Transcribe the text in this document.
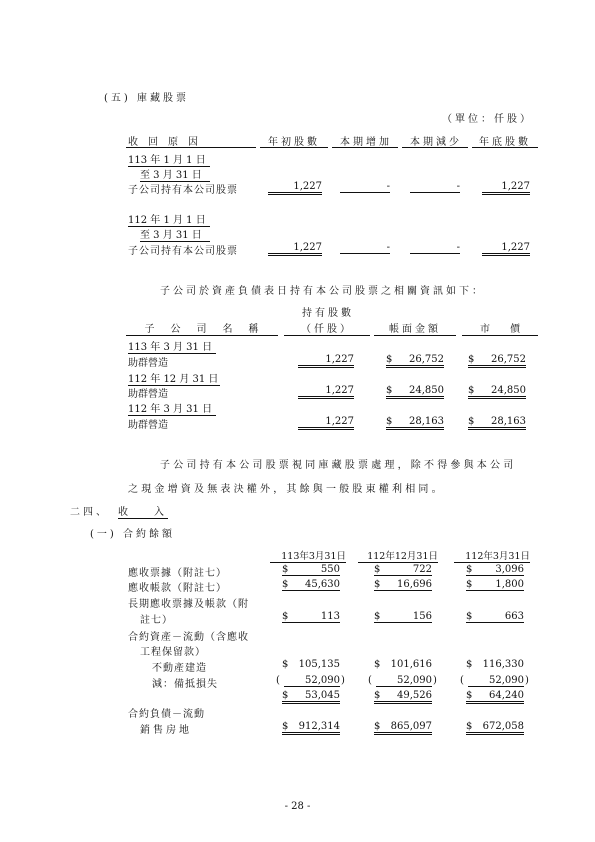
(五) 庫藏股票
（單位：仟股）
收　回　原　因	年初股數	本期增加	本期減少	年底股數
113 年 1 月 1 日
至 3 月 31 日
子公司持有本公司股票	1,227	-	-	1,227
112 年 1 月 1 日
至 3 月 31 日
子公司持有本公司股票	1,227	-	-	1,227
子公司於資產負債表日持有本公司股票之相關資訊如下：
持有股數
子　公　司　名　稱	（仟股）	帳面金額	市　　價
113 年 3 月 31 日
助群營造	1,227	$ 26,752 $ 26,752
112 年 12 月 31 日
助群營造	1,227	$ 24,850 $ 24,850
112 年 3 月 31 日
助群營造	1,227	$ 28,163 $ 28,163
子公司持有本公司股票視同庫藏股票處理，除不得參與本公司
之現金增資及無表決權外，其餘與一般股東權利相同。
二四、 收　　入
(一) 合約餘額
113年3月31日	112年12月31日	112年3月31日
應收票據（附註七）	$	550	$	722	$ 3,096
應收帳款（附註七）	$ 45,630	$ 16,696	$ 1,800
長期應收票據及帳款（附
註七）	$	113	$	156	$	663
合約資產－流動（含應收
工程保留款）
不動產建造	$ 105,135	$ 101,616	$ 116,330
減：備抵損失	(	52,090 ) (	52,090 ) (	52,090 )
$ 53,045	$ 49,526	$ 64,240
合約負債－流動
銷售房地	$ 912,314	$ 865,097	$ 672,058
- 28 -
